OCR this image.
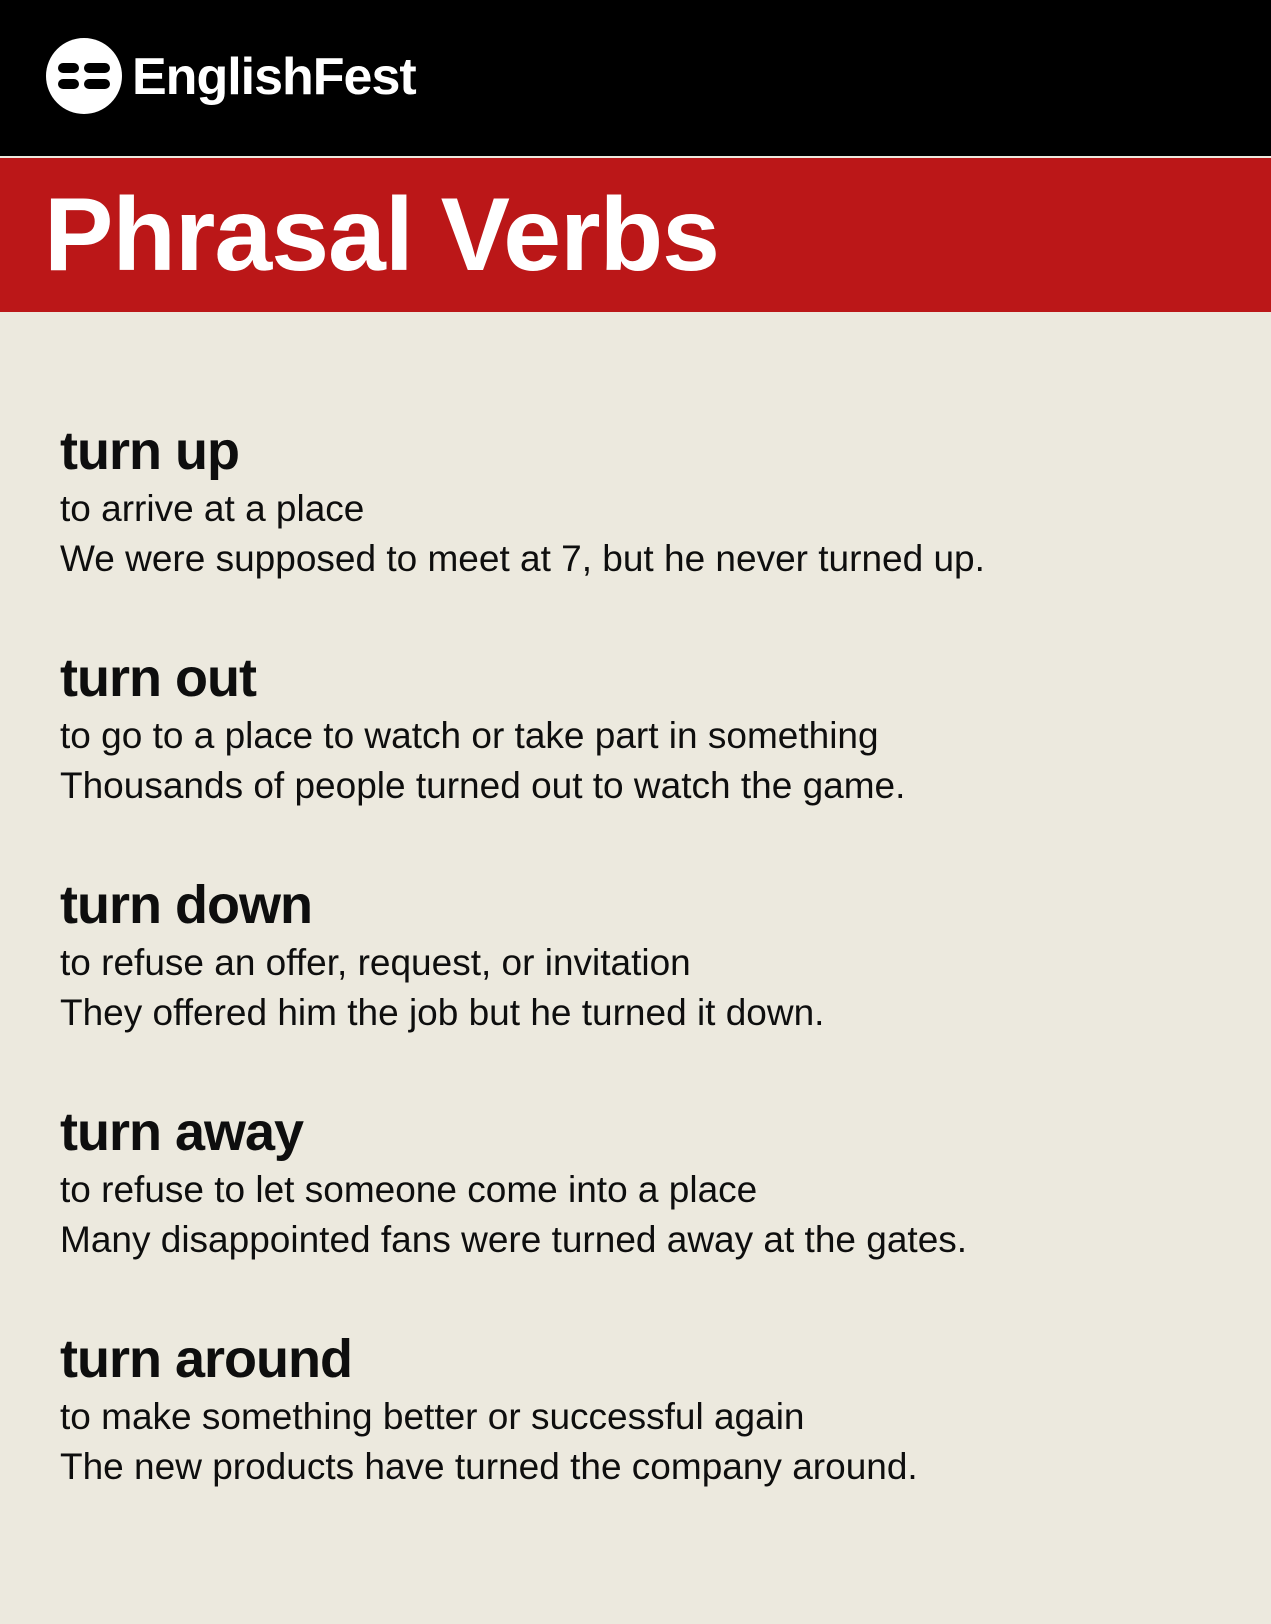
EnglishFest
Phrasal Verbs
turn up
to arrive at a place
We were supposed to meet at 7, but he never turned up.
turn out
to go to a place to watch or take part in something
Thousands of people turned out to watch the game.
turn down
to refuse an offer, request, or invitation
They offered him the job but he turned it down.
turn away
to refuse to let someone come into a place
Many disappointed fans were turned away at the gates.
turn around
to make something better or successful again
The new products have turned the company around.
